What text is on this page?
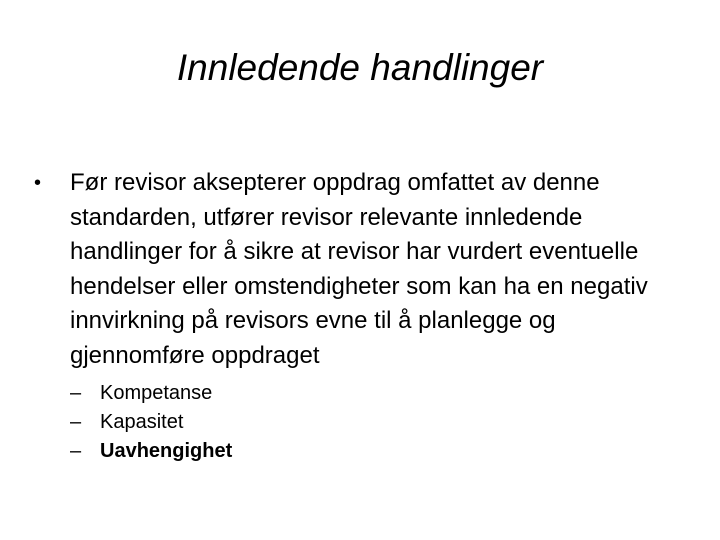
Innledende handlinger
•	Før revisor aksepterer oppdrag omfattet av denne standarden, utfører revisor relevante innledende handlinger for å sikre at revisor har vurdert eventuelle hendelser eller omstendigheter som kan ha en negativ innvirkning på revisors evne til å planlegge og gjennomføre oppdraget
– Kompetanse
– Kapasitet
– Uavhengighet
